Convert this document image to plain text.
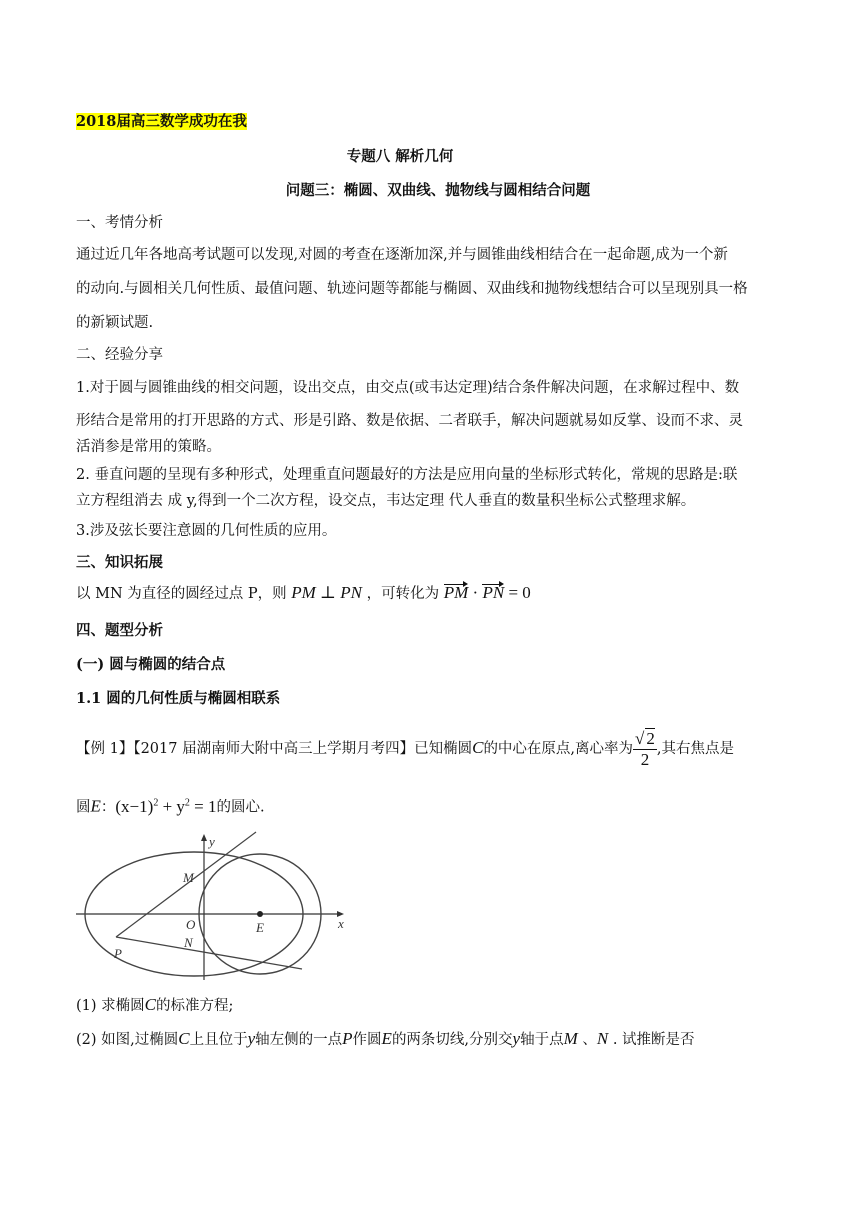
2018届高三数学成功在我
专题八 解析几何
问题三：椭圆、双曲线、抛物线与圆相结合问题
一、考情分析
通过近几年各地高考试题可以发现,对圆的考查在逐渐加深,并与圆锥曲线相结合在一起命题,成为一个新
的动向.与圆相关几何性质、最值问题、轨迹问题等都能与椭圆、双曲线和抛物线想结合可以呈现别具一格
的新颖试题.
二、经验分享
1.对于圆与圆锥曲线的相交问题，设出交点，由交点(或韦达定理)结合条件解决问题，在求解过程中、数
形结合是常用的打开思路的方式、形是引路、数是依据、二者联手，解决问题就易如反掌、设而不求、灵
活消参是常用的策略。
2. 垂直问题的呈现有多种形式，处理重直问题最好的方法是应用向量的坐标形式转化，常规的思路是:联
立方程组消去 成 y,得到一个二次方程，设交点，韦达定理 代人垂直的数量积坐标公式整理求解。
3.涉及弦长要注意圆的几何性质的应用。
三、知识拓展
以 MN 为直径的圆经过点 P，则 PM ⊥ PN ，可转化为 PM · PN = 0
四、题型分析
(一) 圆与椭圆的结合点
1.1 圆的几何性质与椭圆相联系
【例 1】【2017 届湖南师大附中高三上学期月考四】已知椭圆C的中心在原点,离心率为 $\frac{√ 2}{2}$ ,其右焦点是
圆E：$(x-1)^2 + y^2 = 1$的圆心.
y
x
M
O	E
N
P
(1) 求椭圆C的标准方程;
(2) 如图,过椭圆C上且位于y轴左侧的一点P作圆E的两条切线,分别交y轴于点M 、N . 试推断是否
